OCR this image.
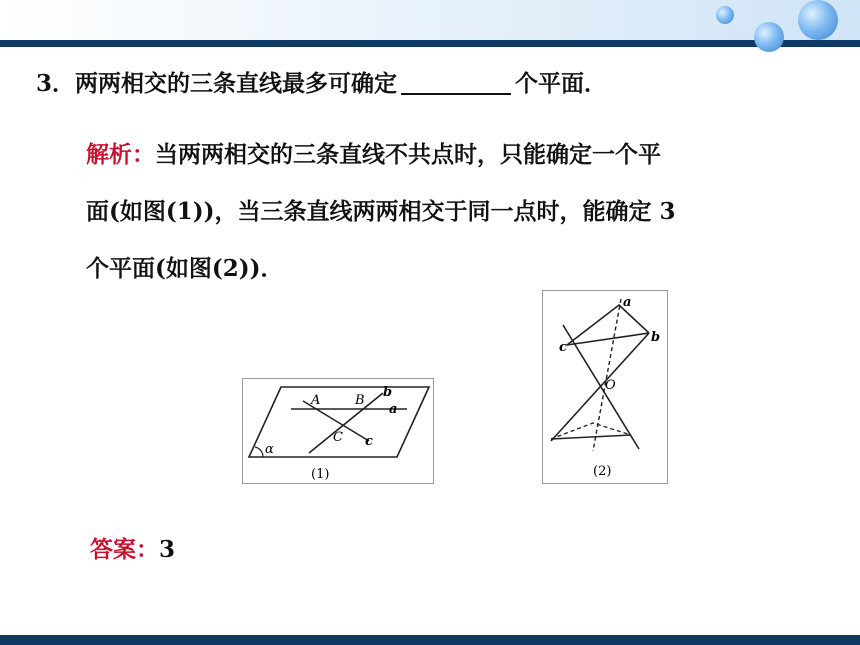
3．两两相交的三条直线最多可确定	个平面．
解析：当两两相交的三条直线不共点时，只能确定一个平
面(如图(1))，当三条直线两两相交于同一点时，能确定 3
个平面(如图(2))．
A	B
C
a
b
c
α
(1)
a
b
c
O
(2)
答案：3
